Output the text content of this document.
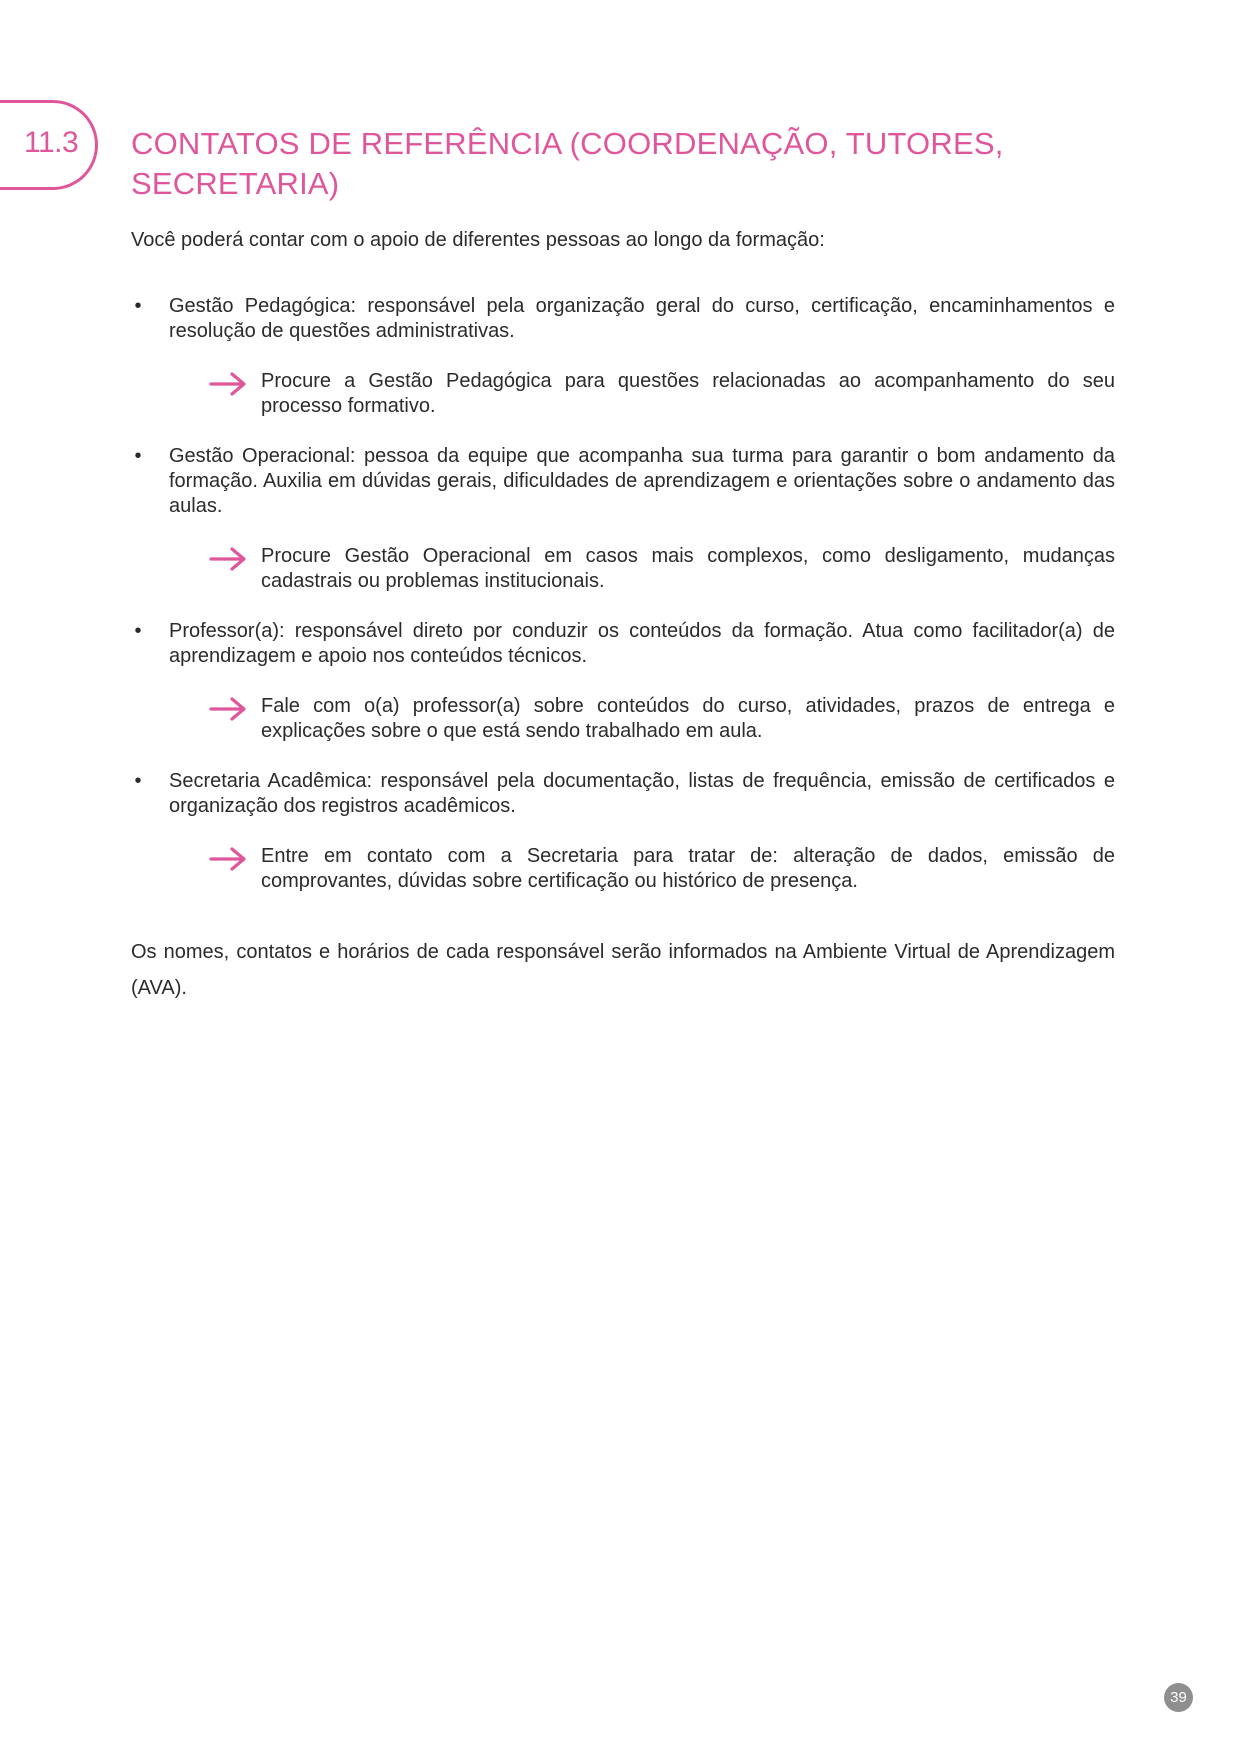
11.3 CONTATOS DE REFERÊNCIA (COORDENAÇÃO, TUTORES, SECRETARIA)

Você poderá contar com o apoio de diferentes pessoas ao longo da formação:

• Gestão Pedagógica: responsável pela organização geral do curso, certificação, encaminhamentos e resolução de questões administrativas.

Procure a Gestão Pedagógica para questões relacionadas ao acompanhamento do seu processo formativo.

• Gestão Operacional: pessoa da equipe que acompanha sua turma para garantir o bom andamento da formação. Auxilia em dúvidas gerais, dificuldades de aprendizagem e orientações sobre o andamento das aulas.

Procure Gestão Operacional em casos mais complexos, como desligamento, mudanças cadastrais ou problemas institucionais.

• Professor(a): responsável direto por conduzir os conteúdos da formação. Atua como facilitador(a) de aprendizagem e apoio nos conteúdos técnicos.

Fale com o(a) professor(a) sobre conteúdos do curso, atividades, prazos de entrega e explicações sobre o que está sendo trabalhado em aula.

• Secretaria Acadêmica: responsável pela documentação, listas de frequência, emissão de certificados e organização dos registros acadêmicos.

Entre em contato com a Secretaria para tratar de: alteração de dados, emissão de comprovantes, dúvidas sobre certificação ou histórico de presença.

Os nomes, contatos e horários de cada responsável serão informados na Ambiente Virtual de Aprendizagem (AVA).

39
